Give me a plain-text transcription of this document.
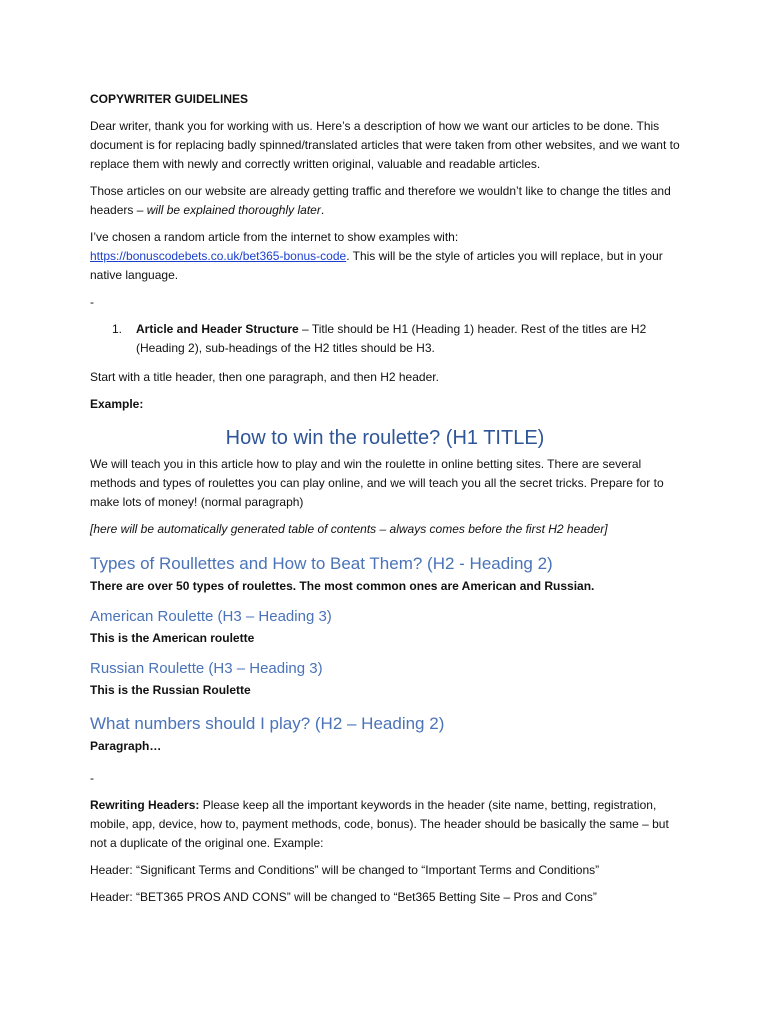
COPYWRITER GUIDELINES

Dear writer, thank you for working with us. Here’s a description of how we want our articles to be done. This document is for replacing badly spinned/translated articles that were taken from other websites, and we want to replace them with newly and correctly written original, valuable and readable articles.

Those articles on our website are already getting traffic and therefore we wouldn’t like to change the titles and headers – will be explained thoroughly later.

I’ve chosen a random article from the internet to show examples with:
https://bonuscodebets.co.uk/bet365-bonus-code. This will be the style of articles you will replace, but in your native language.

-

1.	Article and Header Structure – Title should be H1 (Heading 1) header. Rest of the titles are H2 (Heading 2), sub-headings of the H2 titles should be H3.

Start with a title header, then one paragraph, and then H2 header.

Example:

How to win the roulette? (H1 TITLE)

We will teach you in this article how to play and win the roulette in online betting sites. There are several methods and types of roulettes you can play online, and we will teach you all the secret tricks. Prepare for to make lots of money! (normal paragraph)

[here will be automatically generated table of contents – always comes before the first H2 header]

Types of Roullettes and How to Beat Them? (H2 - Heading 2)

There are over 50 types of roulettes. The most common ones are American and Russian.

American Roulette (H3 – Heading 3)

This is the American roulette

Russian Roulette (H3 – Heading 3)

This is the Russian Roulette

What numbers should I play? (H2 – Heading 2)

Paragraph…

-

Rewriting Headers: Please keep all the important keywords in the header (site name, betting, registration, mobile, app, device, how to, payment methods, code, bonus). The header should be basically the same – but not a duplicate of the original one. Example:

Header: “Significant Terms and Conditions” will be changed to “Important Terms and Conditions”

Header: “BET365 PROS AND CONS” will be changed to “Bet365 Betting Site – Pros and Cons”
